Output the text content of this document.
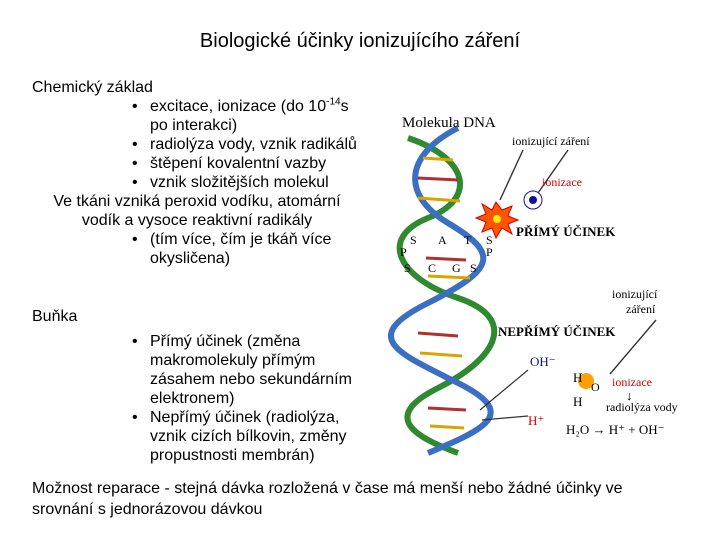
Biologické účinky ionizujícího záření
Chemický základ
• excitace, ionizace (do $10^{-14}s$
po interakci)
• radiolýza vody, vznik radikálů
• štěpení kovalentní vazby
• vznik složitějších molekul
Ve tkáni vzniká peroxid vodíku, atomární
vodík a vysoce reaktivní radikály
• (tím více, čím je tkáň více
okysličena)
Buňka
• Přímý účinek (změna
makromolekuly přímým
zásahem nebo sekundárním
elektronem)
• Nepřímý účinek (radiolýza,
vznik cizích bílkovin, změny
propustnosti membrán)
Molekula DNA
ionizující záření
ionizace
PŘÍMÝ ÚČINEK
S A T S
P	P
S C G S
ionizující
záření
NEPŘÍMÝ ÚČINEK
OH⁻
H
O
H
ionizace
↓
radiolýza vody
H⁺
H₂O → H⁺ + OH⁻
Možnost reparace - stejná dávka rozložená v čase má menší nebo žádné účinky ve
srovnání s jednorázovou dávkou
